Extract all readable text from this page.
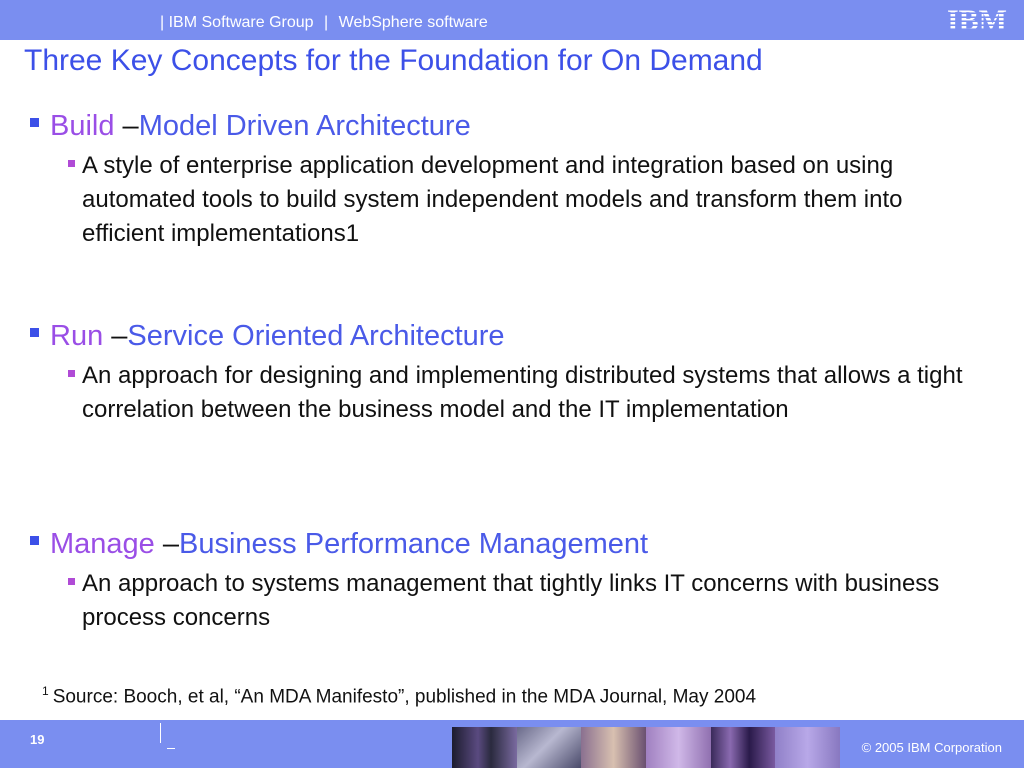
| IBM Software Group | WebSphere software	IBM
Three Key Concepts for the Foundation for On Demand
Build –Model Driven Architecture
A style of enterprise application development and integration based on using automated tools to build system independent models and transform them into efficient implementations1
Run –Service Oriented Architecture
An approach for designing and implementing distributed systems that allows a tight correlation between the business model and the IT implementation
Manage –Business Performance Management
An approach to systems management that tightly links IT concerns with business process concerns
$^1$ Source: Booch, et al, “An MDA Manifesto”, published in the MDA Journal, May 2004
19
© 2005 IBM Corporation
